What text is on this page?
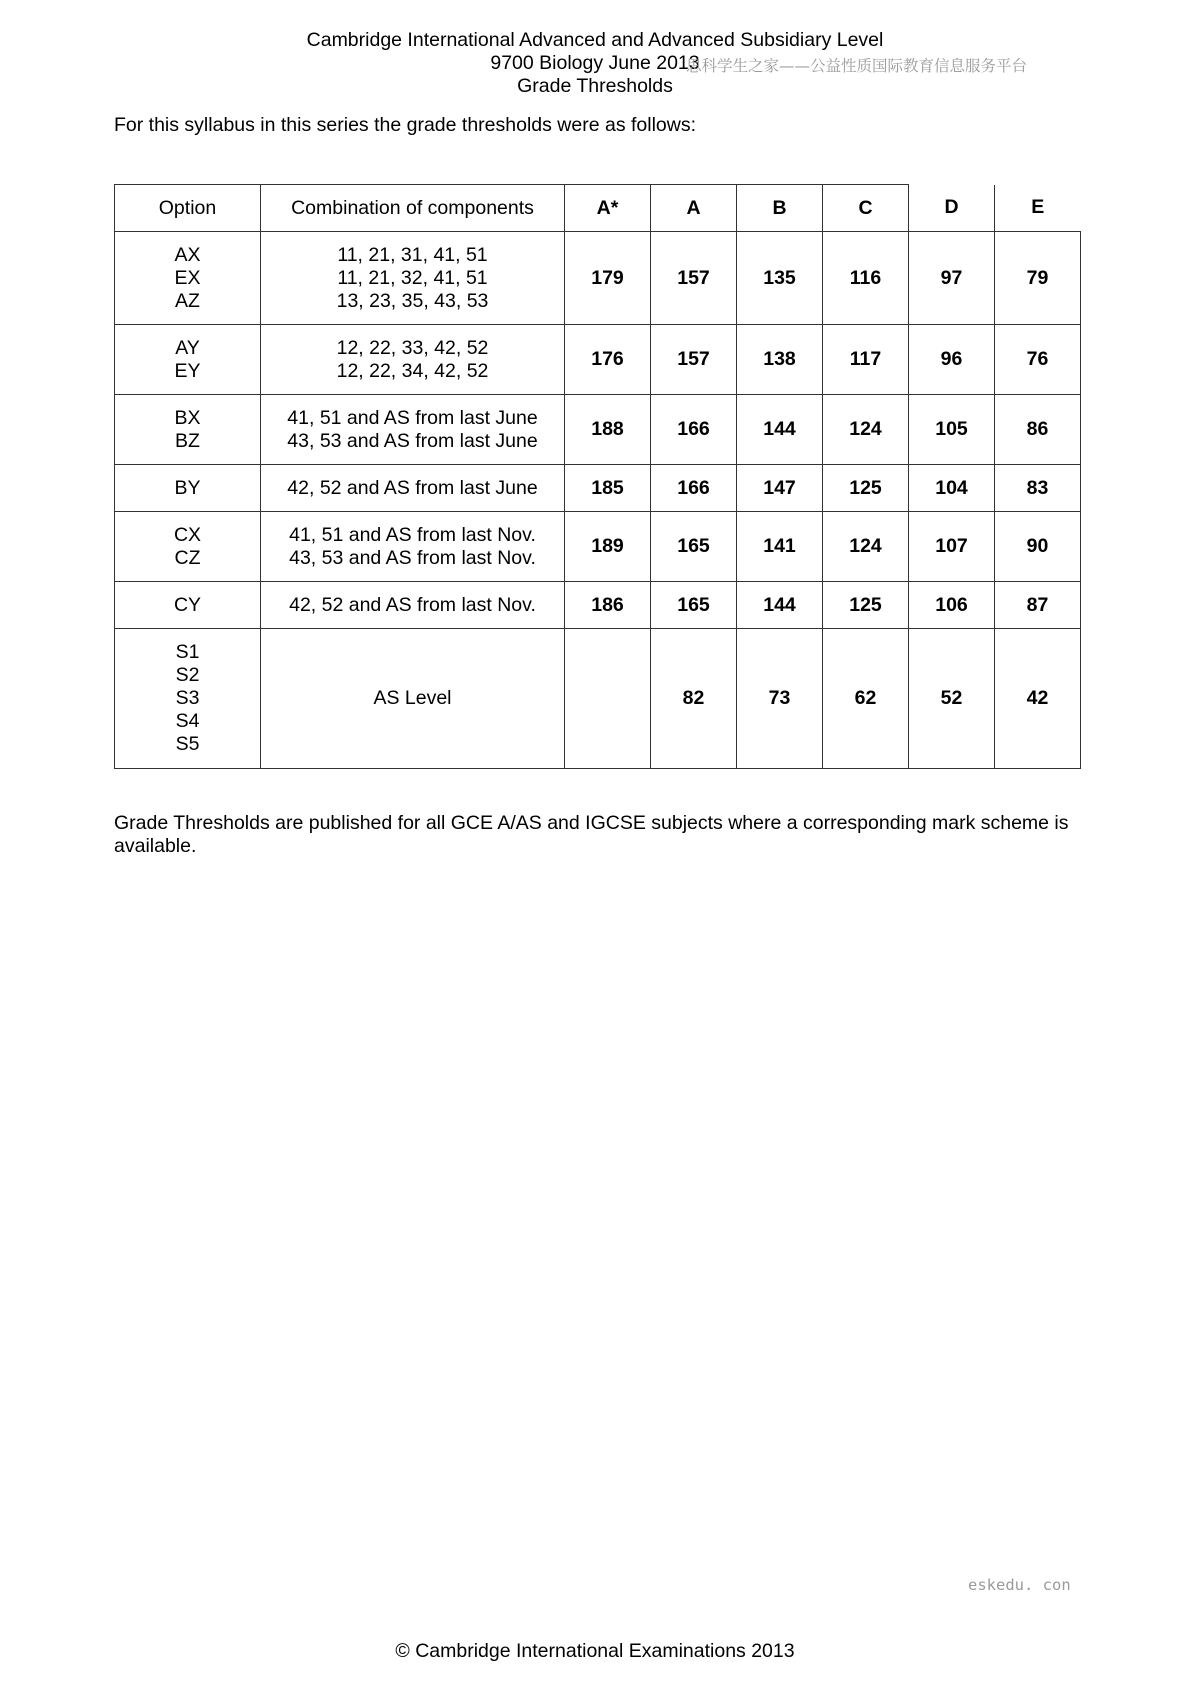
Cambridge International Advanced and Advanced Subsidiary Level
9700 Biology June 2013
Grade Thresholds
思科学生之家——公益性质国际教育信息服务平台
For this syllabus in this series the grade thresholds were as follows:
Option	Combination of components	A*	A	B	C	D	E

AX
EX
AZ	11, 21, 31, 41, 51
11, 21, 32, 41, 51
13, 23, 35, 43, 53	179	157	135	116	97	79

AY
EY	12, 22, 33, 42, 52
12, 22, 34, 42, 52	176	157	138	117	96	76

BX
BZ	41, 51 and AS from last June
43, 53 and AS from last June	188	166	144	124	105	86

BY	42, 52 and AS from last June	185	166	147	125	104	83

CX
CZ	41, 51 and AS from last Nov.
43, 53 and AS from last Nov.	189	165	141	124	107	90

CY	42, 52 and AS from last Nov.	186	165	144	125	106	87

S1
S2
S3
S4
S5	AS Level		82	73	62	52	42
Grade Thresholds are published for all GCE A/AS and IGCSE subjects where a corresponding mark scheme is available.
eskedu. con
© Cambridge International Examinations 2013
